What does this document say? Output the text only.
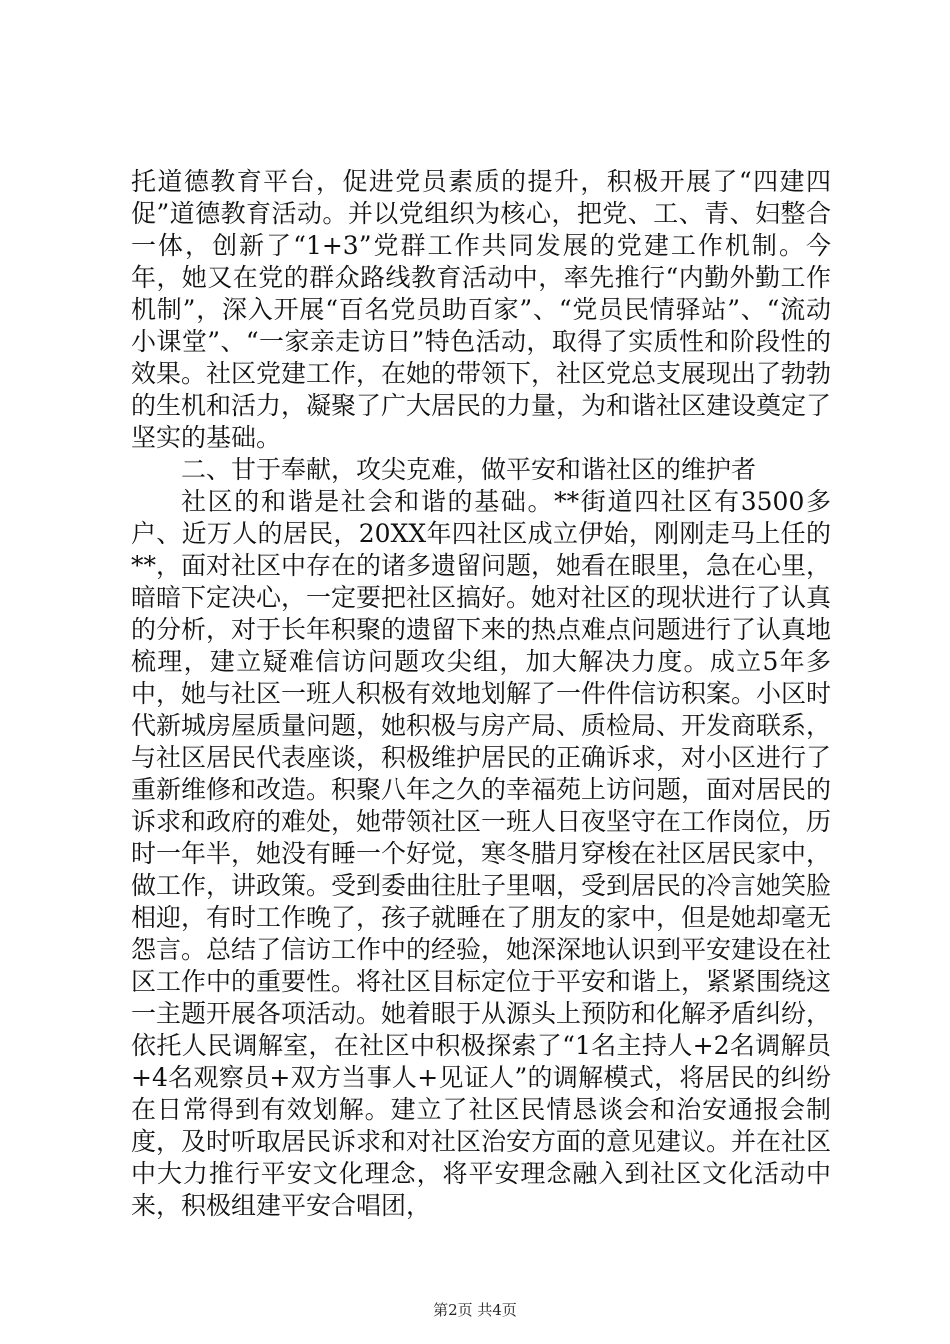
托道德教育平台，促进党员素质的提升，积极开展了“四建四促”道德教育活动。并以党组织为核心，把党、工、青、妇整合一体，创新了“1+3”党群工作共同发展的党建工作机制。今年，她又在党的群众路线教育活动中，率先推行“内勤外勤工作机制”，深入开展“百名党员助百家”、“党员民情驿站”、“流动小课堂”、“一家亲走访日”特色活动，取得了实质性和阶段性的效果。社区党建工作，在她的带领下，社区党总支展现出了勃勃的生机和活力，凝聚了广大居民的力量，为和谐社区建设奠定了坚实的基础。

二、甘于奉献，攻尖克难，做平安和谐社区的维护者

社区的和谐是社会和谐的基础。**街道四社区有3500多户、近万人的居民，20XX年四社区成立伊始，刚刚走马上任的**，面对社区中存在的诸多遗留问题，她看在眼里，急在心里，暗暗下定决心，一定要把社区搞好。她对社区的现状进行了认真的分析，对于长年积聚的遗留下来的热点难点问题进行了认真地梳理，建立疑难信访问题攻尖组，加大解决力度。成立5年多中，她与社区一班人积极有效地划解了一件件信访积案。小区时代新城房屋质量问题，她积极与房产局、质检局、开发商联系，与社区居民代表座谈，积极维护居民的正确诉求，对小区进行了重新维修和改造。积聚八年之久的幸福苑上访问题，面对居民的诉求和政府的难处，她带领社区一班人日夜坚守在工作岗位，历时一年半，她没有睡一个好觉，寒冬腊月穿梭在社区居民家中，做工作，讲政策。受到委曲往肚子里咽，受到居民的冷言她笑脸相迎，有时工作晚了，孩子就睡在了朋友的家中，但是她却毫无怨言。总结了信访工作中的经验，她深深地认识到平安建设在社区工作中的重要性。将社区目标定位于平安和谐上，紧紧围绕这一主题开展各项活动。她着眼于从源头上预防和化解矛盾纠纷，依托人民调解室，在社区中积极探索了“1名主持人+2名调解员+4名观察员+双方当事人+见证人”的调解模式，将居民的纠纷在日常得到有效划解。建立了社区民情恳谈会和治安通报会制度，及时听取居民诉求和对社区治安方面的意见建议。并在社区中大力推行平安文化理念，将平安理念融入到社区文化活动中来，积极组建平安合唱团，

第2页 共4页
